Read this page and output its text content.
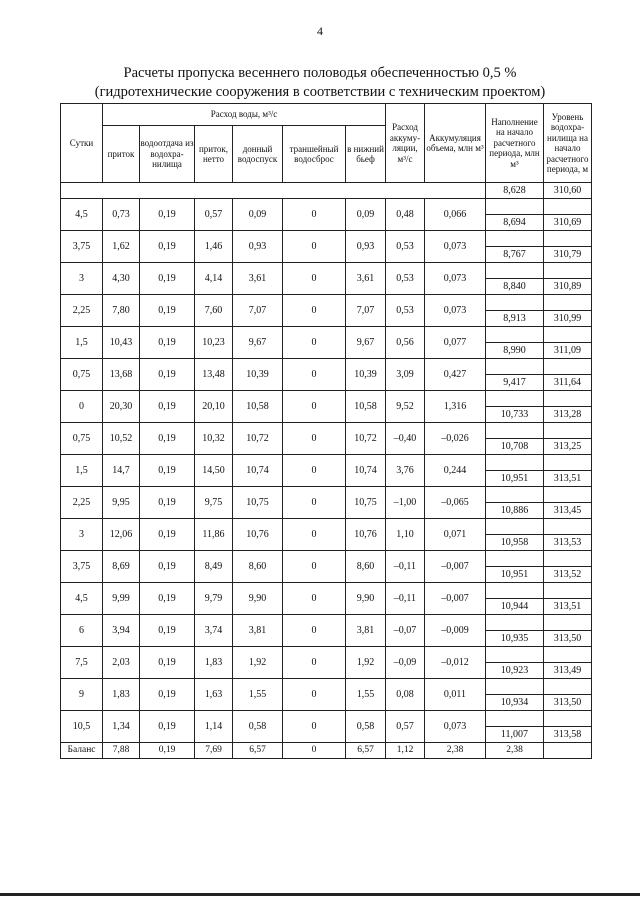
4
Расчеты пропуска весеннего половодья обеспеченностью 0,5 %
(гидротехнические сооружения в соответствии с техническим проектом)
Сутки	Расход воды, м³/с						Расход аккуму-ляции, м³/с	Аккумуляция объема, млн м³	Наполнение на начало расчетного периода, млн м³	Уровень водохра-нилища на начало расчетного периода, м
	приток	водоотдача из водохра-нилища	приток, нетто	донный водоспуск	траншейный водосброс	в нижний бьеф				
									8,628	310,60
4,5	0,73	0,19	0,57	0,09	0	0,09	0,48	0,066		
									8,694	310,69
3,75	1,62	0,19	1,46	0,93	0	0,93	0,53	0,073		
									8,767	310,79
3	4,30	0,19	4,14	3,61	0	3,61	0,53	0,073		
									8,840	310,89
2,25	7,80	0,19	7,60	7,07	0	7,07	0,53	0,073		
									8,913	310,99
1,5	10,43	0,19	10,23	9,67	0	9,67	0,56	0,077		
									8,990	311,09
0,75	13,68	0,19	13,48	10,39	0	10,39	3,09	0,427		
									9,417	311,64
0	20,30	0,19	20,10	10,58	0	10,58	9,52	1,316		
									10,733	313,28
0,75	10,52	0,19	10,32	10,72	0	10,72	–0,40	–0,026		
									10,708	313,25
1,5	14,7	0,19	14,50	10,74	0	10,74	3,76	0,244		
									10,951	313,51
2,25	9,95	0,19	9,75	10,75	0	10,75	–1,00	–0,065		
									10,886	313,45
3	12,06	0,19	11,86	10,76	0	10,76	1,10	0,071		
									10,958	313,53
3,75	8,69	0,19	8,49	8,60	0	8,60	–0,11	–0,007		
									10,951	313,52
4,5	9,99	0,19	9,79	9,90	0	9,90	–0,11	–0,007		
									10,944	313,51
6	3,94	0,19	3,74	3,81	0	3,81	–0,07	–0,009		
									10,935	313,50
7,5	2,03	0,19	1,83	1,92	0	1,92	–0,09	–0,012		
									10,923	313,49
9	1,83	0,19	1,63	1,55	0	1,55	0,08	0,011		
									10,934	313,50
10,5	1,34	0,19	1,14	0,58	0	0,58	0,57	0,073		
									11,007	313,58
Баланс	7,88	0,19	7,69	6,57	0	6,57	1,12	2,38	2,38	
